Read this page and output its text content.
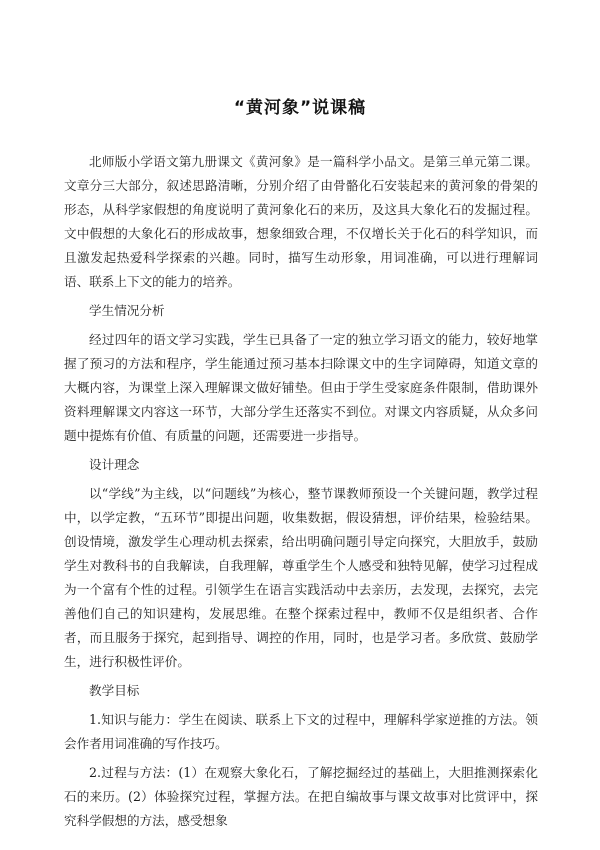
“黄河象”说课稿

北师版小学语文第九册课文《黄河象》是一篇科学小品文。是第三单元第二课。文章分三大部分，叙述思路清晰，分别介绍了由骨骼化石安装起来的黄河象的骨架的形态，从科学家假想的角度说明了黄河象化石的来历，及这具大象化石的发掘过程。文中假想的大象化石的形成故事，想象细致合理，不仅增长关于化石的科学知识，而且激发起热爱科学探索的兴趣。同时，描写生动形象，用词准确，可以进行理解词语、联系上下文的能力的培养。

学生情况分析

经过四年的语文学习实践，学生已具备了一定的独立学习语文的能力，较好地掌握了预习的方法和程序，学生能通过预习基本扫除课文中的生字词障碍，知道文章的大概内容，为课堂上深入理解课文做好铺垫。但由于学生受家庭条件限制，借助课外资料理解课文内容这一环节，大部分学生还落实不到位。对课文内容质疑，从众多问题中提炼有价值、有质量的问题，还需要进一步指导。

设计理念

以“学线”为主线，以“问题线”为核心，整节课教师预设一个关键问题，教学过程中，以学定教，“五环节”即提出问题，收集数据，假设猜想，评价结果，检验结果。创设情境，激发学生心理动机去探索，给出明确问题引导定向探究，大胆放手，鼓励学生对教科书的自我解读，自我理解，尊重学生个人感受和独特见解，使学习过程成为一个富有个性的过程。引领学生在语言实践活动中去亲历，去发现，去探究，去完善他们自己的知识建构，发展思维。在整个探索过程中，教师不仅是组织者、合作者，而且服务于探究，起到指导、调控的作用，同时，也是学习者。多欣赏、鼓励学生，进行积极性评价。

教学目标

1.知识与能力：学生在阅读、联系上下文的过程中，理解科学家逆推的方法。领会作者用词准确的写作技巧。

2.过程与方法：(1）在观察大象化石，了解挖掘经过的基础上，大胆推测探索化石的来历。(2）体验探究过程，掌握方法。在把自编故事与课文故事对比赏评中，探究科学假想的方法，感受想象
